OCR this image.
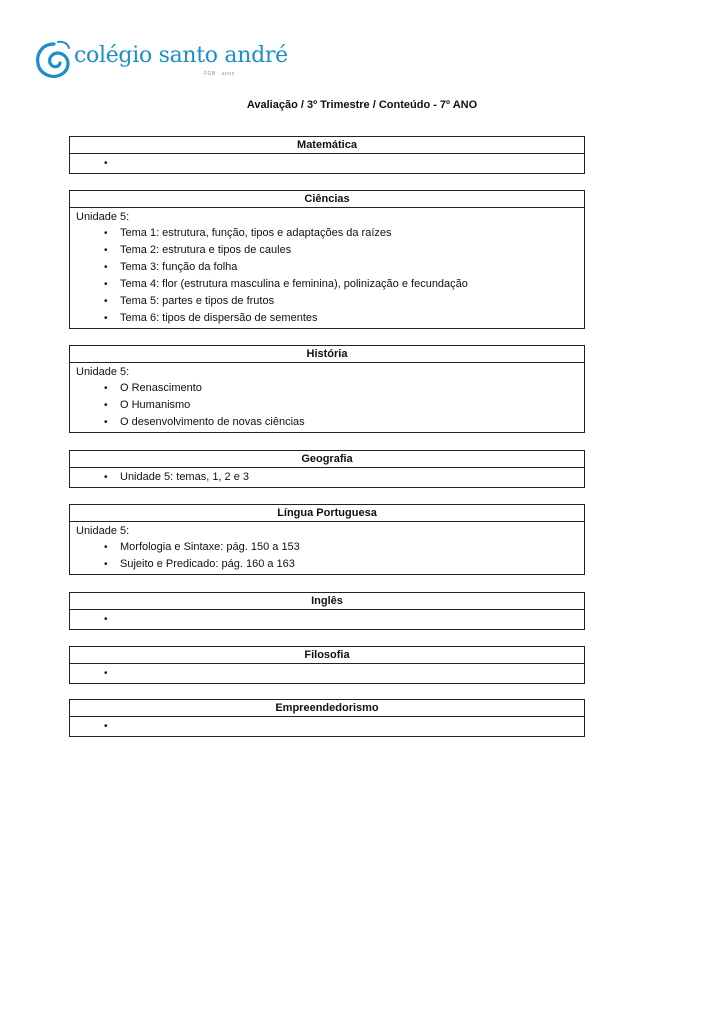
colégio santo andré
FGB · anos
Avaliação / 3º Trimestre / Conteúdo - 7º ANO
Matemática
•
Ciências
Unidade 5:
• Tema 1: estrutura, função, tipos e adaptações da raízes
• Tema 2: estrutura e tipos de caules
• Tema 3: função da folha
• Tema 4: flor (estrutura masculina e feminina), polinização e fecundação
• Tema 5: partes e tipos de frutos
• Tema 6: tipos de dispersão de sementes
História
Unidade 5:
• O Renascimento
• O Humanismo
• O desenvolvimento de novas ciências
Geografia
• Unidade 5: temas, 1, 2 e 3
Língua Portuguesa
Unidade 5:
• Morfologia e Sintaxe: pág. 150 a 153
• Sujeito e Predicado: pág. 160 a 163
Inglês
•
Filosofia
•
Empreendedorismo
•
